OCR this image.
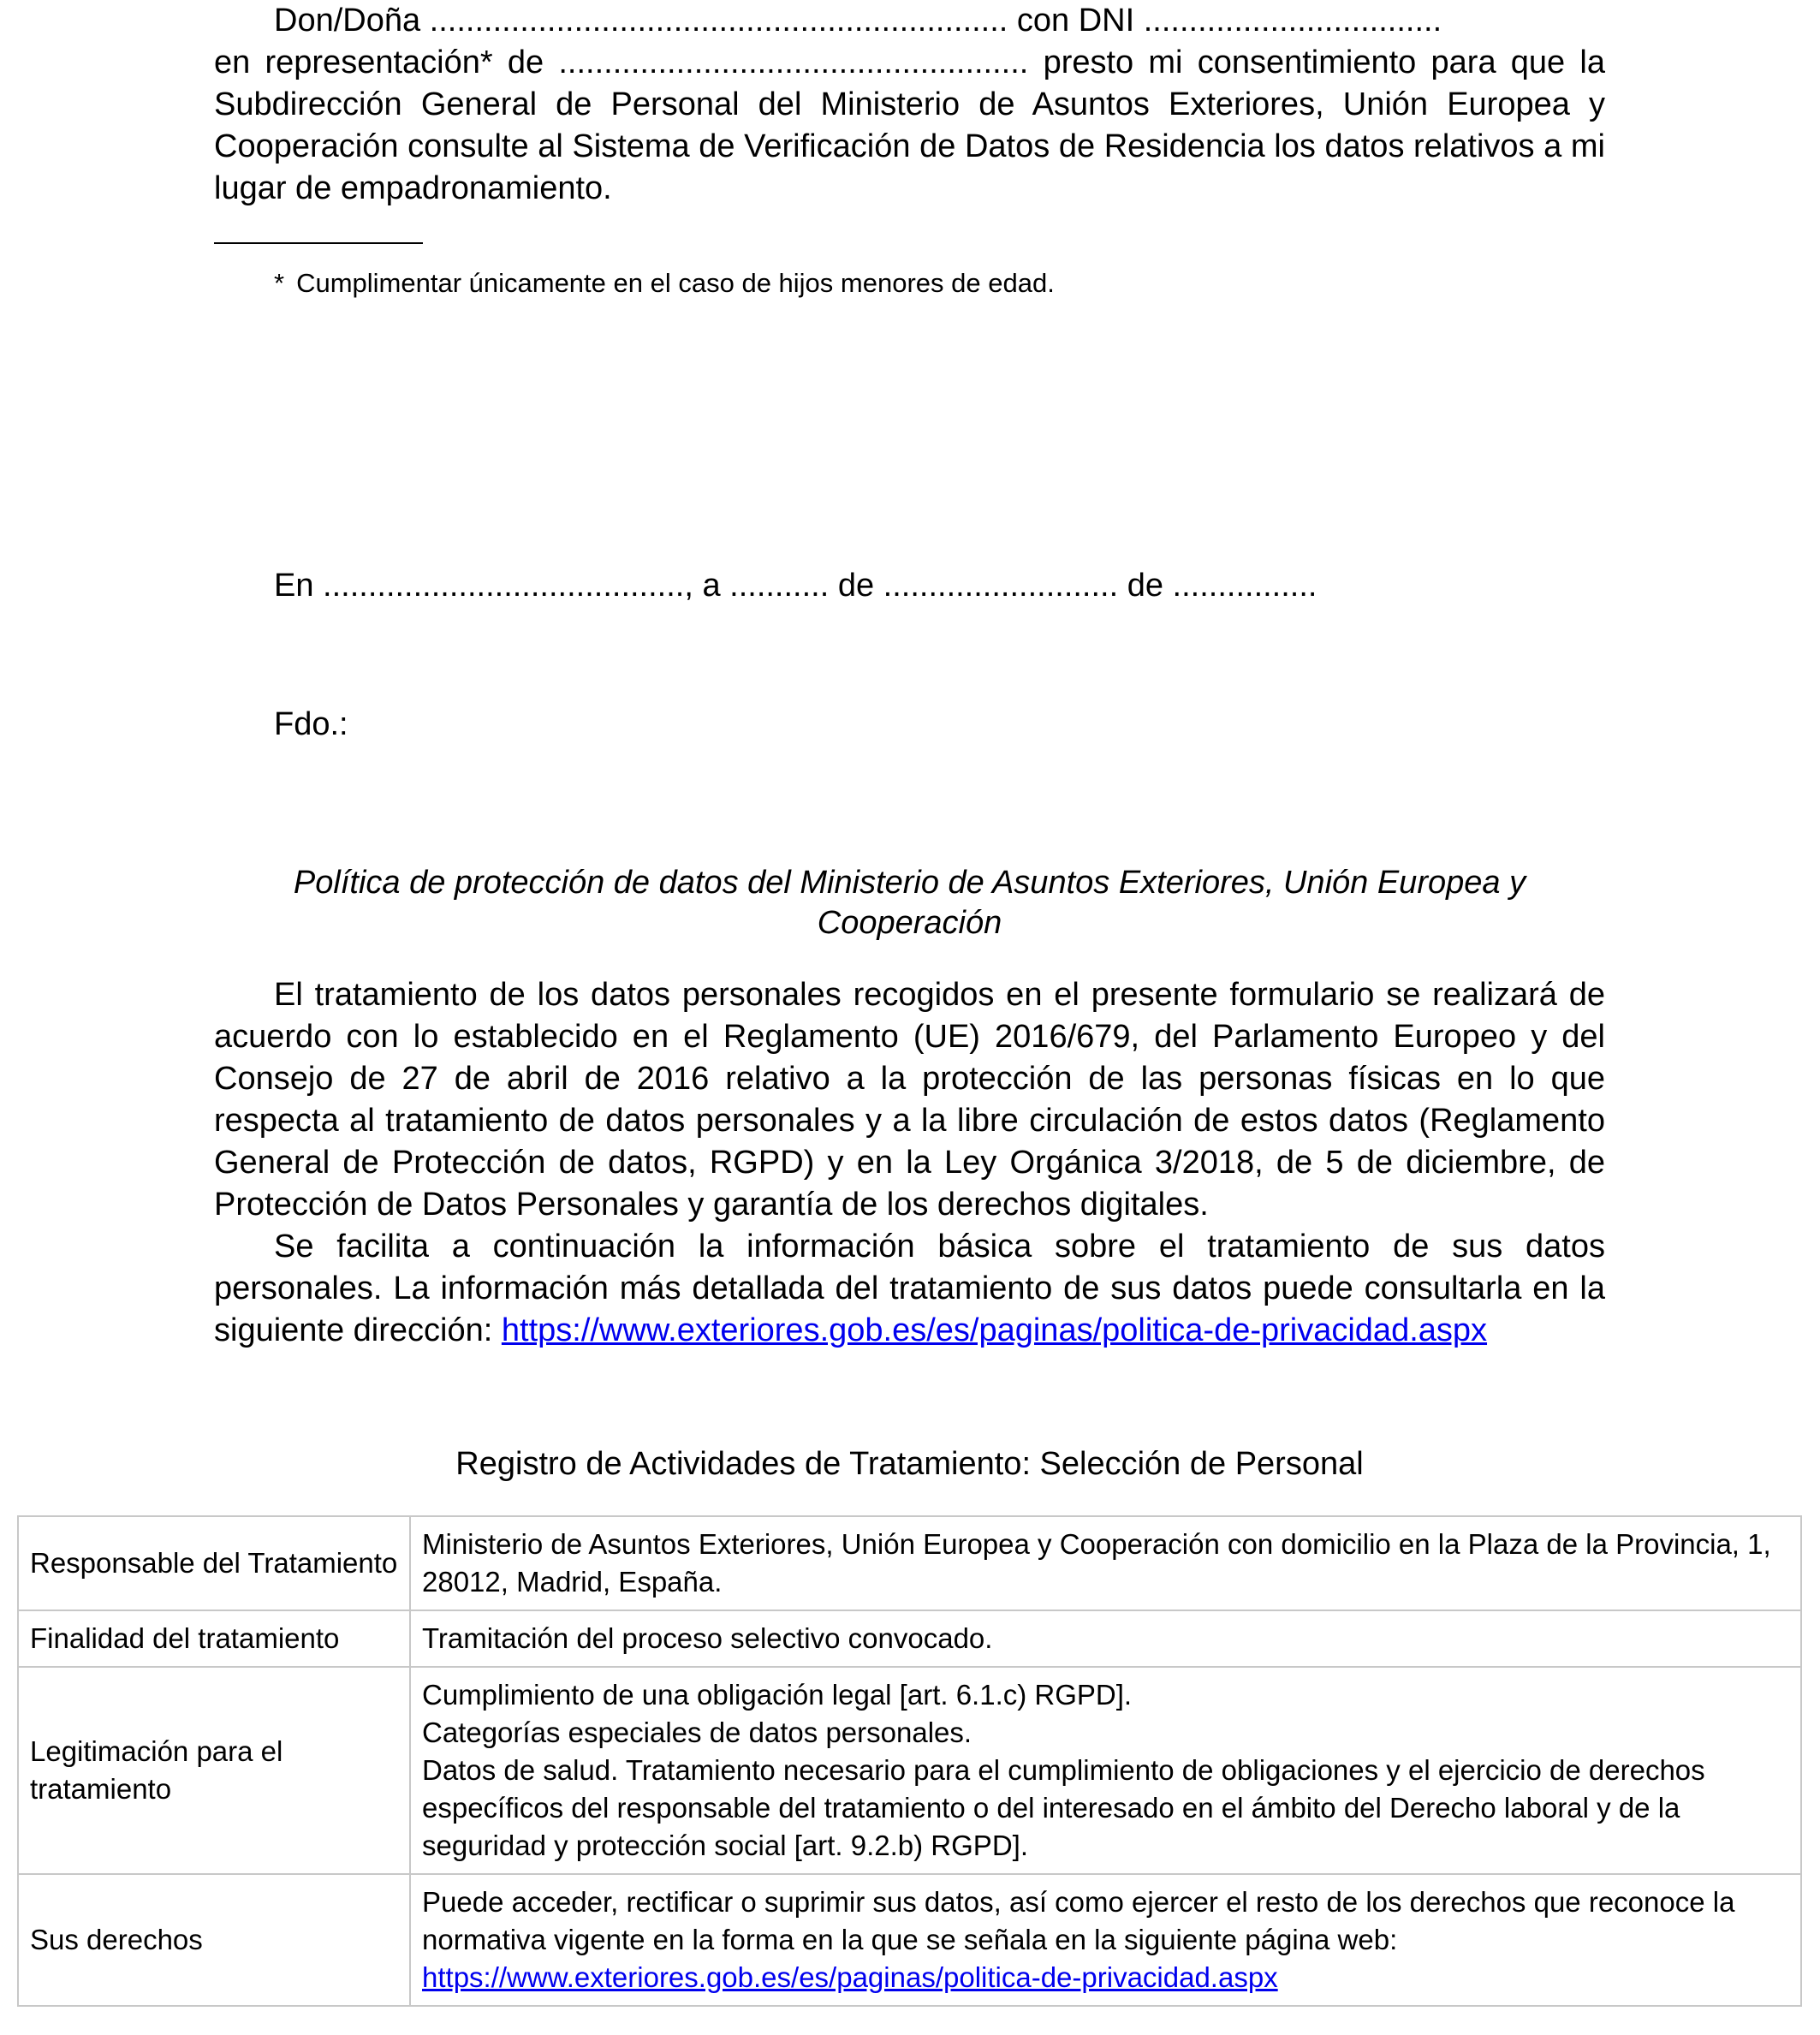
Don/Doña ................................................................ con DNI .................................

en representación* de .................................................... presto mi consentimiento para que la Subdirección General de Personal del Ministerio de Asuntos Exteriores, Unión Europea y Cooperación consulte al Sistema de Verificación de Datos de Residencia los datos relativos a mi lugar de empadronamiento.

* Cumplimentar únicamente en el caso de hijos menores de edad.
En ........................................, a ........... de .......................... de ................
Fdo.:
Política de protección de datos del Ministerio de Asuntos Exteriores, Unión Europea y Cooperación

El tratamiento de los datos personales recogidos en el presente formulario se realizará de acuerdo con lo establecido en el Reglamento (UE) 2016/679, del Parlamento Europeo y del Consejo de 27 de abril de 2016 relativo a la protección de las personas físicas en lo que respecta al tratamiento de datos personales y a la libre circulación de estos datos (Reglamento General de Protección de datos, RGPD) y en la Ley Orgánica 3/2018, de 5 de diciembre, de Protección de Datos Personales y garantía de los derechos digitales.

Se facilita a continuación la información básica sobre el tratamiento de sus datos personales. La información más detallada del tratamiento de sus datos puede consultarla en la siguiente dirección: https://www.exteriores.gob.es/es/paginas/politica-de-privacidad.aspx

Registro de Actividades de Tratamiento: Selección de Personal
Responsable del Tratamiento	Ministerio de Asuntos Exteriores, Unión Europea y Cooperación con domicilio en la Plaza de la Provincia, 1, 28012, Madrid, España.

Finalidad del tratamiento	Tramitación del proceso selectivo convocado.

Legitimación para el tratamiento	Cumplimiento de una obligación legal [art. 6.1.c) RGPD].
Categorías especiales de datos personales.
Datos de salud. Tratamiento necesario para el cumplimiento de obligaciones y el ejercicio de derechos específicos del responsable del tratamiento o del interesado en el ámbito del Derecho laboral y de la seguridad y protección social [art. 9.2.b) RGPD].

Sus derechos	Puede acceder, rectificar o suprimir sus datos, así como ejercer el resto de los derechos que reconoce la normativa vigente en la forma en la que se señala en la siguiente página web:
https://www.exteriores.gob.es/es/paginas/politica-de-privacidad.aspx
